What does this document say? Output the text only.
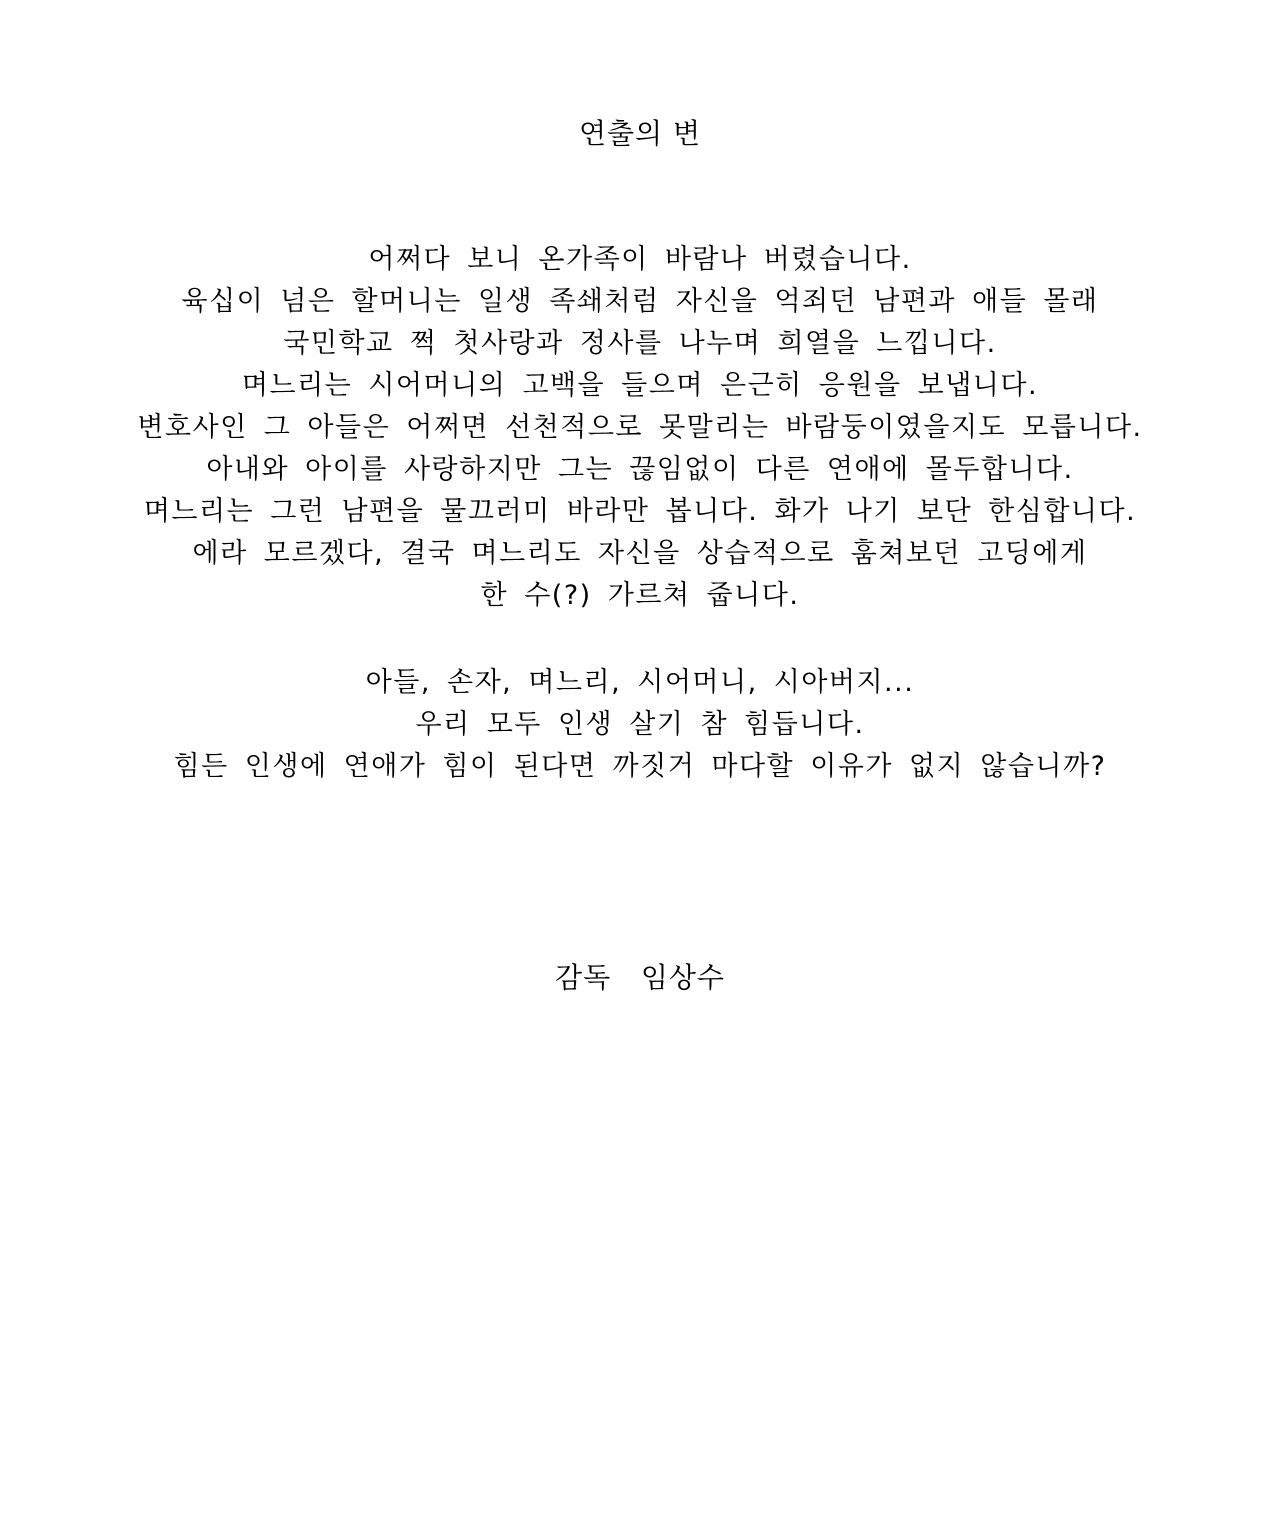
연출의 변
어쩌다 보니 온가족이 바람나 버렸습니다.
육십이 넘은 할머니는 일생 족쇄처럼 자신을 억죄던 남편과 애들 몰래
국민학교 쩍 첫사랑과 정사를 나누며 희열을 느낍니다.
며느리는 시어머니의 고백을 들으며 은근히 응원을 보냅니다.
변호사인 그 아들은 어쩌면 선천적으로 못말리는 바람둥이였을지도 모릅니다.
아내와 아이를 사랑하지만 그는 끊임없이 다른 연애에 몰두합니다.
며느리는 그런 남편을 물끄러미 바라만 봅니다. 화가 나기 보단 한심합니다.
에라 모르겠다, 결국 며느리도 자신을 상습적으로 훔쳐보던 고딩에게
한 수(?) 가르쳐 줍니다.
아들, 손자, 며느리, 시어머니, 시아버지...
우리 모두 인생 살기 참 힘듭니다.
힘든 인생에 연애가 힘이 된다면 까짓거 마다할 이유가 없지 않습니까?
감독 임상수
